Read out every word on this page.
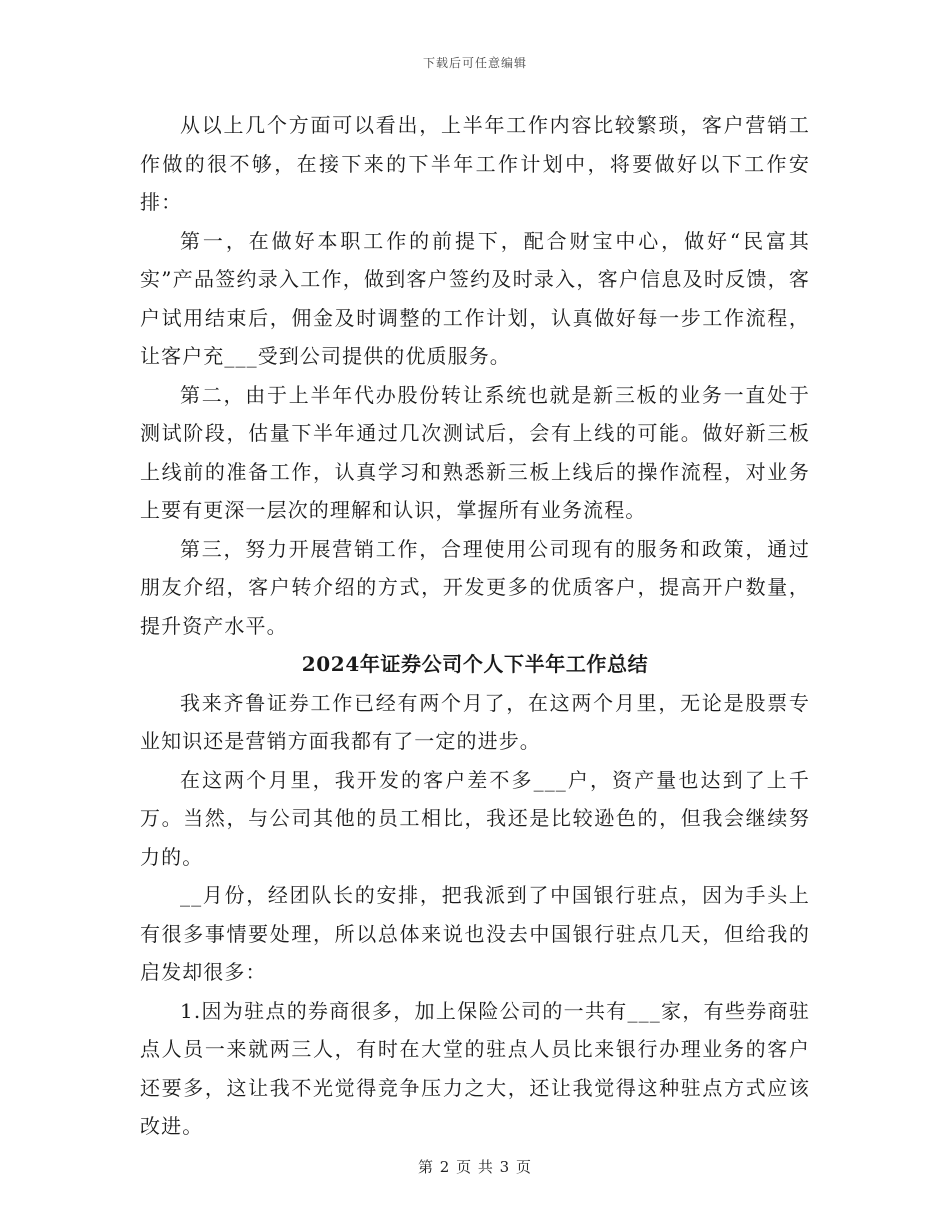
下载后可任意编辑

从以上几个方面可以看出，上半年工作内容比较繁琐，客户营销工作做的很不够，在接下来的下半年工作计划中，将要做好以下工作安排：

第一，在做好本职工作的前提下，配合财宝中心，做好“民富其实”产品签约录入工作，做到客户签约及时录入，客户信息及时反馈，客户试用结束后，佣金及时调整的工作计划，认真做好每一步工作流程，让客户充___受到公司提供的优质服务。

第二，由于上半年代办股份转让系统也就是新三板的业务一直处于测试阶段，估量下半年通过几次测试后，会有上线的可能。做好新三板上线前的准备工作，认真学习和熟悉新三板上线后的操作流程，对业务上要有更深一层次的理解和认识，掌握所有业务流程。

第三，努力开展营销工作，合理使用公司现有的服务和政策，通过朋友介绍，客户转介绍的方式，开发更多的优质客户，提高开户数量，提升资产水平。

2024年证券公司个人下半年工作总结

我来齐鲁证券工作已经有两个月了，在这两个月里，无论是股票专业知识还是营销方面我都有了一定的进步。

在这两个月里，我开发的客户差不多___户，资产量也达到了上千万。当然，与公司其他的员工相比，我还是比较逊色的，但我会继续努力的。

__月份，经团队长的安排，把我派到了中国银行驻点，因为手头上有很多事情要处理，所以总体来说也没去中国银行驻点几天，但给我的启发却很多：

1.因为驻点的券商很多，加上保险公司的一共有___家，有些券商驻点人员一来就两三人，有时在大堂的驻点人员比来银行办理业务的客户还要多，这让我不光觉得竞争压力之大，还让我觉得这种驻点方式应该改进。

第 2 页 共 3 页
